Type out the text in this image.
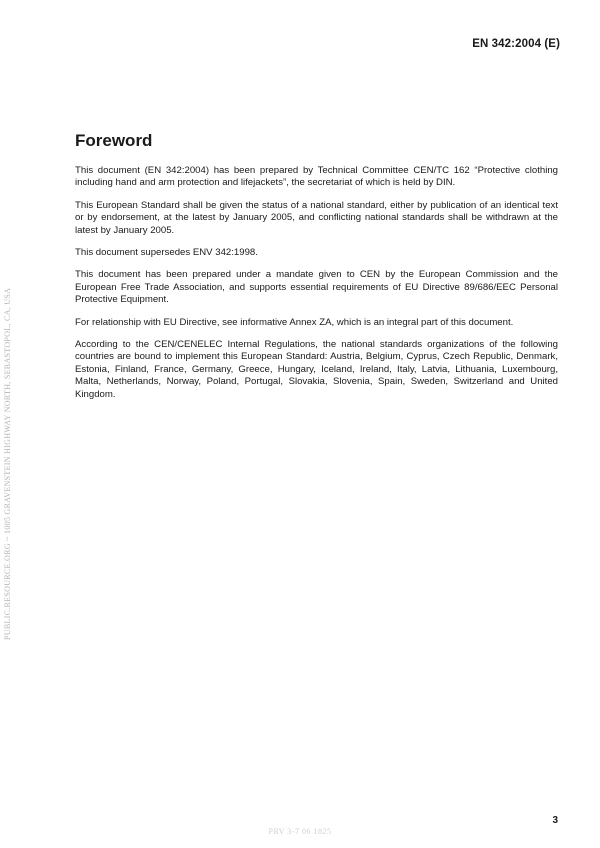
EN 342:2004 (E)
Foreword

This document (EN 342:2004) has been prepared by Technical Committee CEN/TC 162 “Protective clothing including hand and arm protection and lifejackets”, the secretariat of which is held by DIN.

This European Standard shall be given the status of a national standard, either by publication of an identical text or by endorsement, at the latest by January 2005, and conflicting national standards shall be withdrawn at the latest by January 2005.

This document supersedes ENV 342:1998.

This document has been prepared under a mandate given to CEN by the European Commission and the European Free Trade Association, and supports essential requirements of EU Directive 89/686/EEC Personal Protective Equipment.

For relationship with EU Directive, see informative Annex ZA, which is an integral part of this document.

According to the CEN/CENELEC Internal Regulations, the national standards organizations of the following countries are bound to implement this European Standard: Austria, Belgium, Cyprus, Czech Republic, Denmark, Estonia, Finland, France, Germany, Greece, Hungary, Iceland, Ireland, Italy, Latvia, Lithuania, Luxembourg, Malta, Netherlands, Norway, Poland, Portugal, Slovakia, Slovenia, Spain, Sweden, Switzerland and United Kingdom.

PUBLIC.RESOURCE.ORG ~ 1005 GRAVENSTEIN HIGHWAY NORTH, SEBASTOPOL, CA, USA
3
PRV 3-7 06 1825
